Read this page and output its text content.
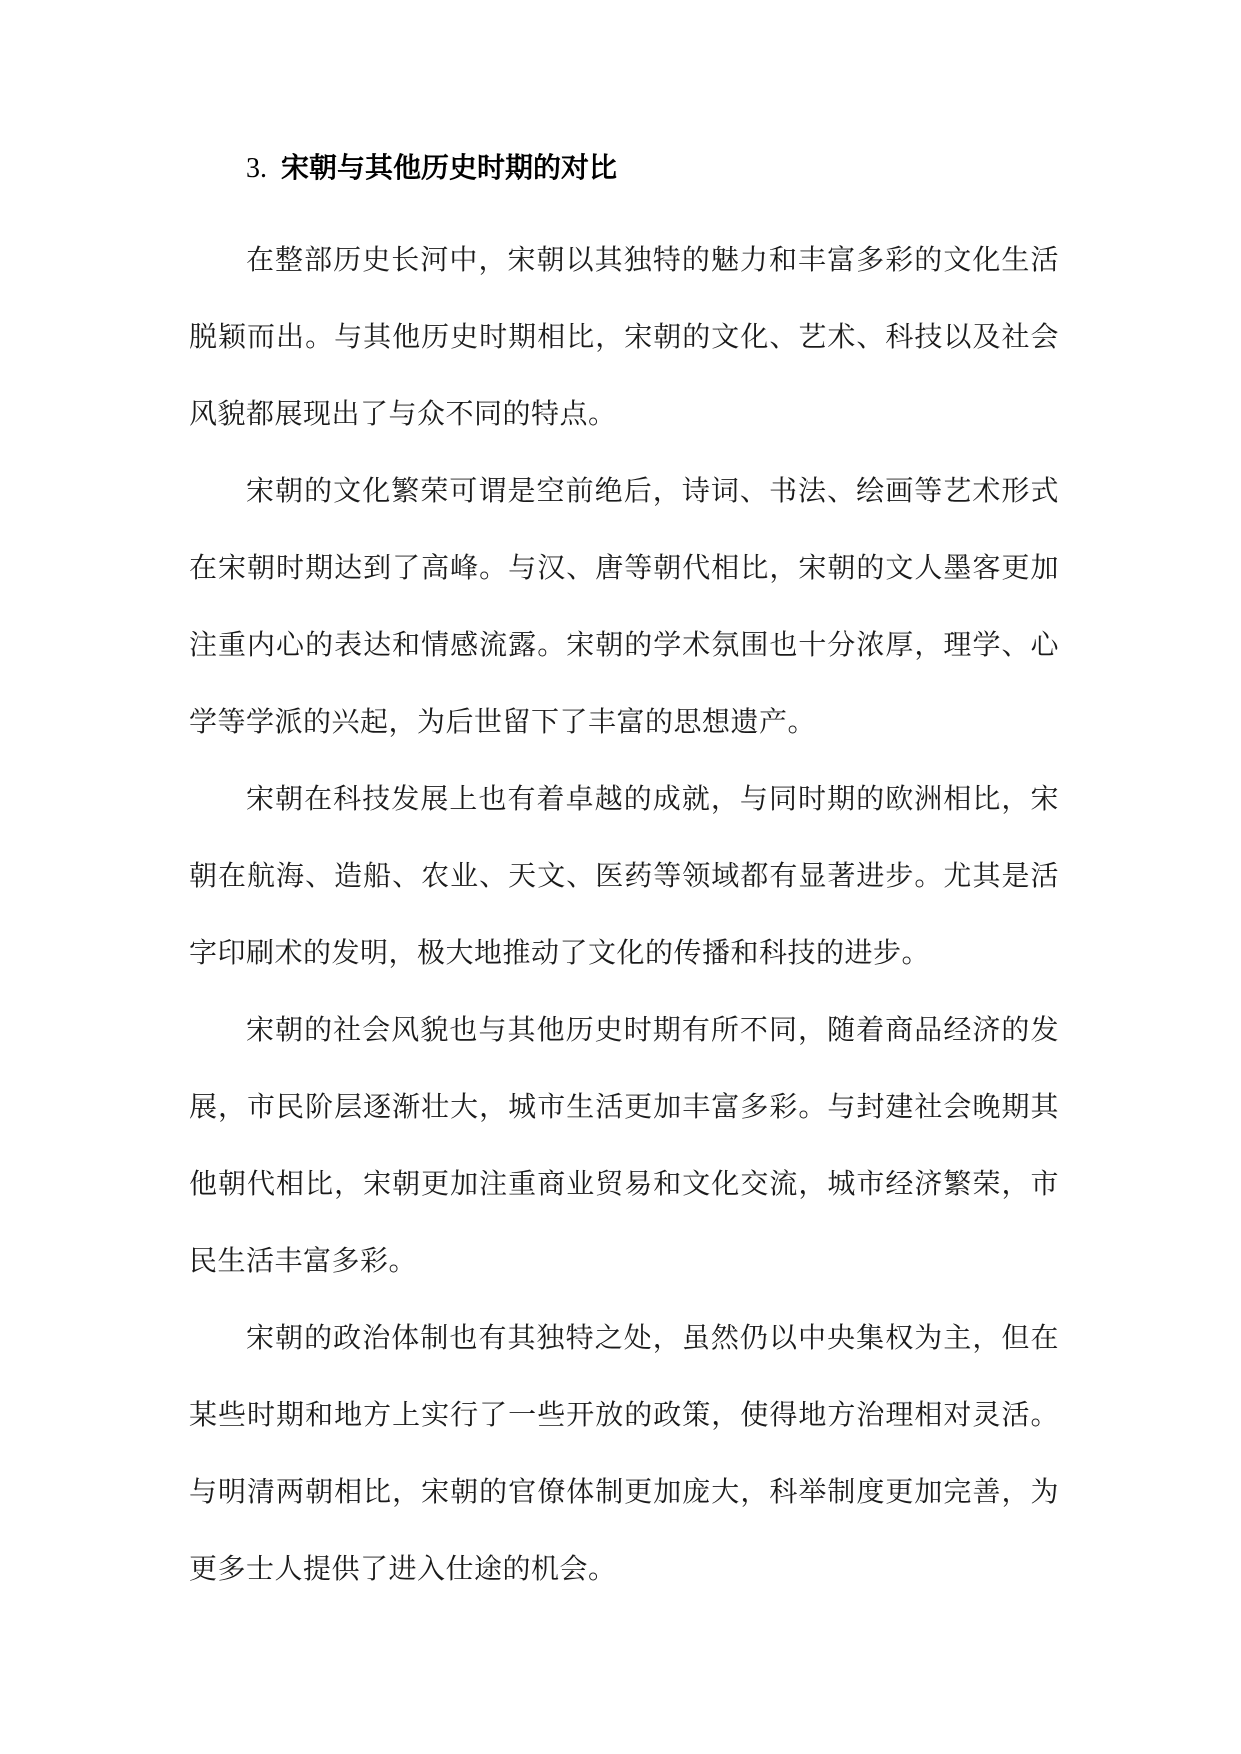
3. 宋朝与其他历史时期的对比

在整部历史长河中，宋朝以其独特的魅力和丰富多彩的文化生活脱颖而出。与其他历史时期相比，宋朝的文化、艺术、科技以及社会风貌都展现出了与众不同的特点。

宋朝的文化繁荣可谓是空前绝后，诗词、书法、绘画等艺术形式在宋朝时期达到了高峰。与汉、唐等朝代相比，宋朝的文人墨客更加注重内心的表达和情感流露。宋朝的学术氛围也十分浓厚，理学、心学等学派的兴起，为后世留下了丰富的思想遗产。

宋朝在科技发展上也有着卓越的成就，与同时期的欧洲相比，宋朝在航海、造船、农业、天文、医药等领域都有显著进步。尤其是活字印刷术的发明，极大地推动了文化的传播和科技的进步。

宋朝的社会风貌也与其他历史时期有所不同，随着商品经济的发展，市民阶层逐渐壮大，城市生活更加丰富多彩。与封建社会晚期其他朝代相比，宋朝更加注重商业贸易和文化交流，城市经济繁荣，市民生活丰富多彩。

宋朝的政治体制也有其独特之处，虽然仍以中央集权为主，但在某些时期和地方上实行了一些开放的政策，使得地方治理相对灵活。与明清两朝相比，宋朝的官僚体制更加庞大，科举制度更加完善，为更多士人提供了进入仕途的机会。
